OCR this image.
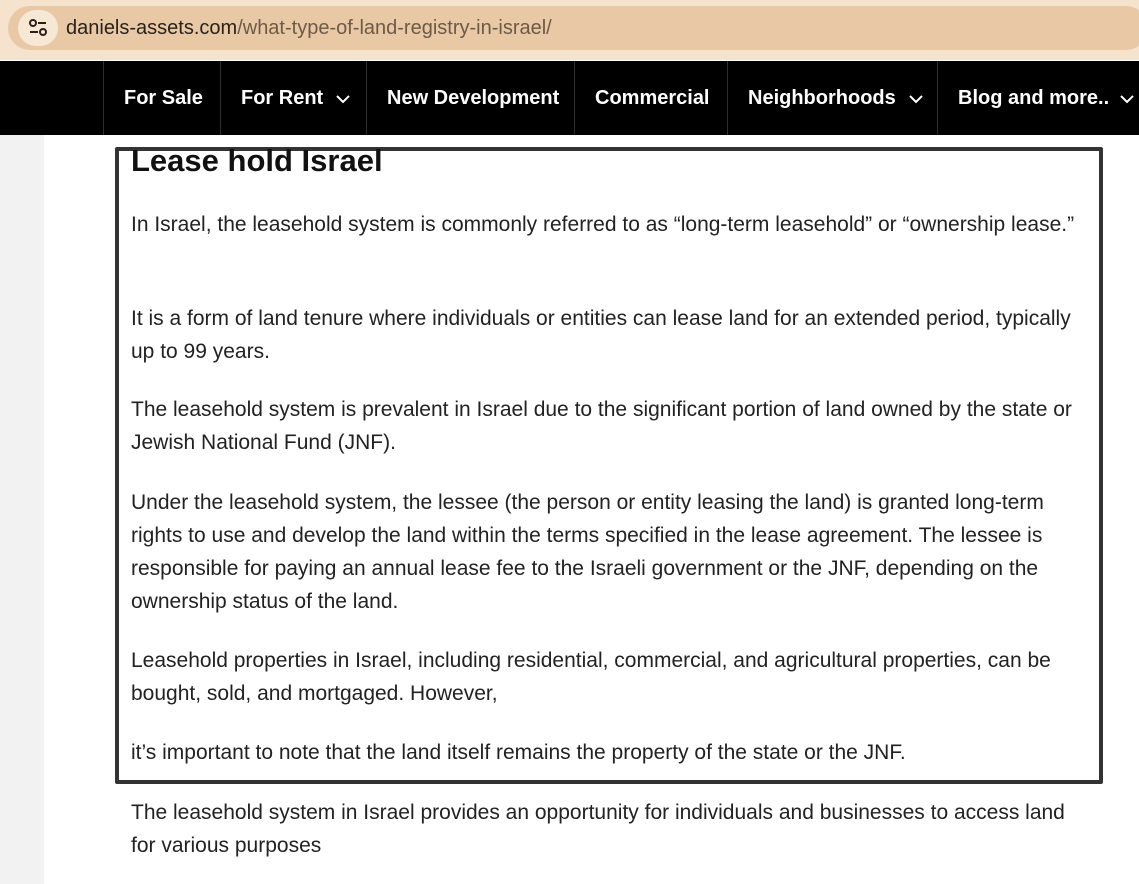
daniels-assets.com/what-type-of-land-registry-in-israel/
For Sale For Rent	New Development Commercial Neighborhoods	Blog and more..
Lease hold Israel

In Israel, the leasehold system is commonly referred to as “long-term leasehold” or “ownership lease.”

It is a form of land tenure where individuals or entities can lease land for an extended period, typically up to 99 years.

The leasehold system is prevalent in Israel due to the significant portion of land owned by the state or Jewish National Fund (JNF).

Under the leasehold system, the lessee (the person or entity leasing the land) is granted long-term rights to use and develop the land within the terms specified in the lease agreement. The lessee is responsible for paying an annual lease fee to the Israeli government or the JNF, depending on the ownership status of the land.

Leasehold properties in Israel, including residential, commercial, and agricultural properties, can be bought, sold, and mortgaged. However,

it’s important to note that the land itself remains the property of the state or the JNF.

The leasehold system in Israel provides an opportunity for individuals and businesses to access land for various purposes
